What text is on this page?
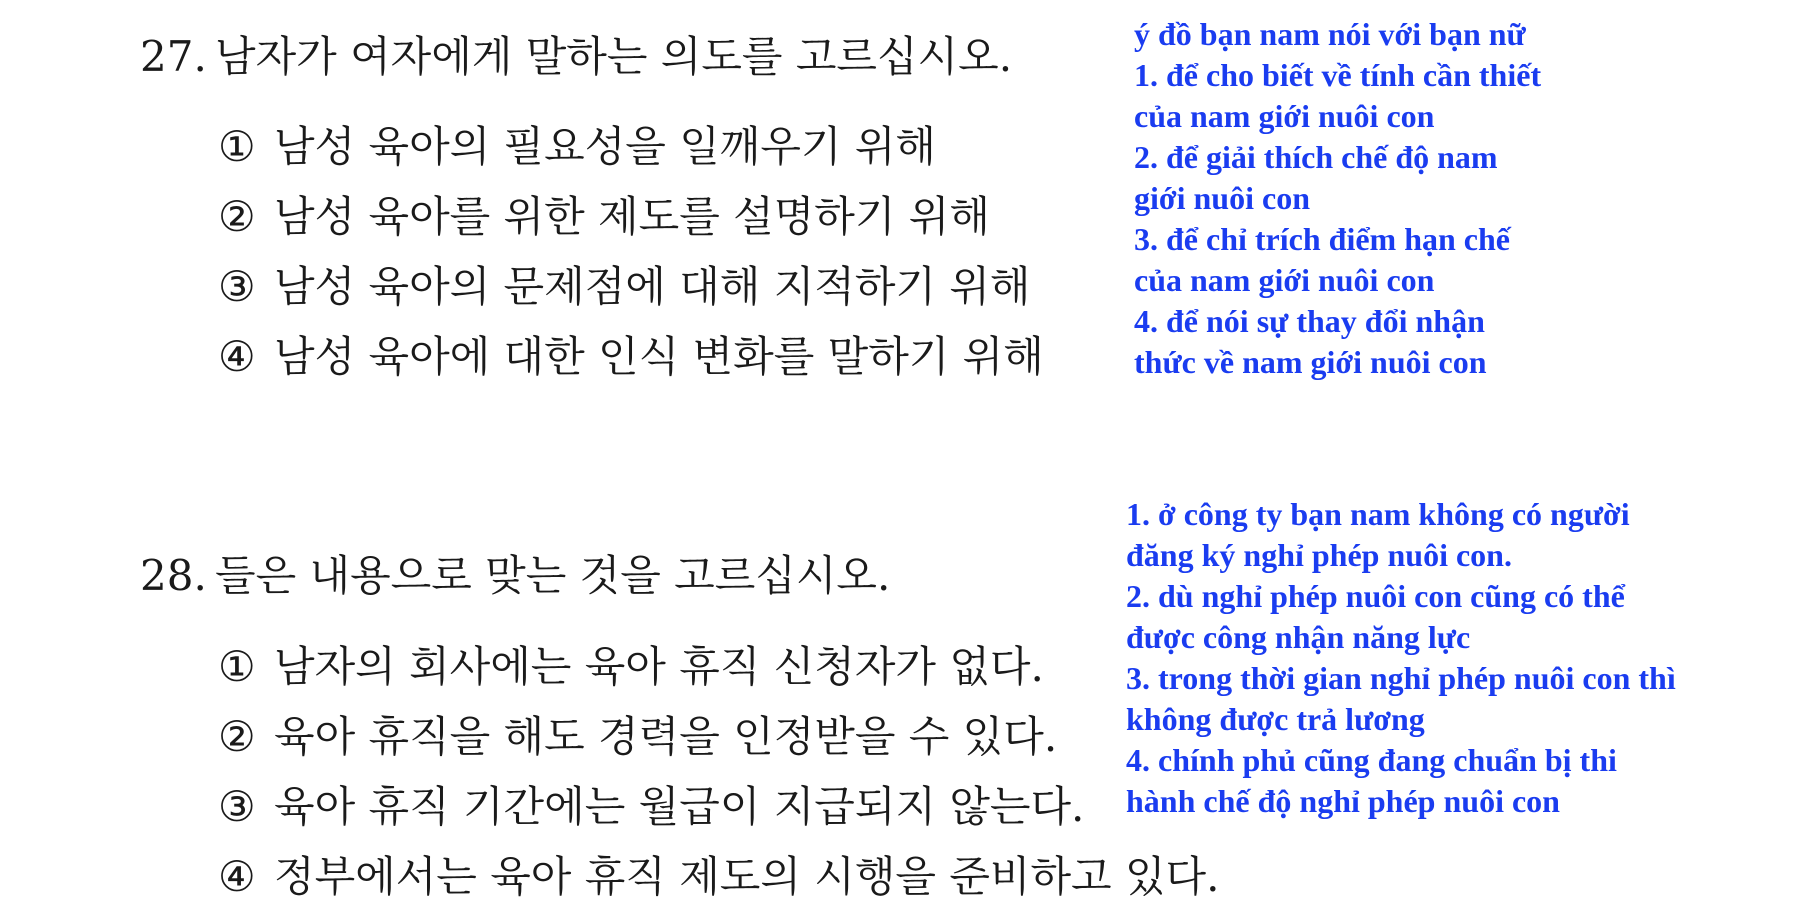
27. 남자가 여자에게 말하는 의도를 고르십시오.
① 남성 육아의 필요성을 일깨우기 위해
② 남성 육아를 위한 제도를 설명하기 위해
③ 남성 육아의 문제점에 대해 지적하기 위해
④ 남성 육아에 대한 인식 변화를 말하기 위해
ý đồ bạn nam nói với bạn nữ
1. để cho biết về tính cần thiết
của nam giới nuôi con
2. để giải thích chế độ nam
giới nuôi con
3. để chỉ trích điểm hạn chế
của nam giới nuôi con
4. để nói sự thay đổi nhận
thức về nam giới nuôi con
28. 들은 내용으로 맞는 것을 고르십시오.
① 남자의 회사에는 육아 휴직 신청자가 없다.
② 육아 휴직을 해도 경력을 인정받을 수 있다.
③ 육아 휴직 기간에는 월급이 지급되지 않는다.
④ 정부에서는 육아 휴직 제도의 시행을 준비하고 있다.
1. ở công ty bạn nam không có người
đăng ký nghỉ phép nuôi con.
2. dù nghỉ phép nuôi con cũng có thể
được công nhận năng lực
3. trong thời gian nghỉ phép nuôi con thì
không được trả lương
4. chính phủ cũng đang chuẩn bị thi
hành chế độ nghỉ phép nuôi con
